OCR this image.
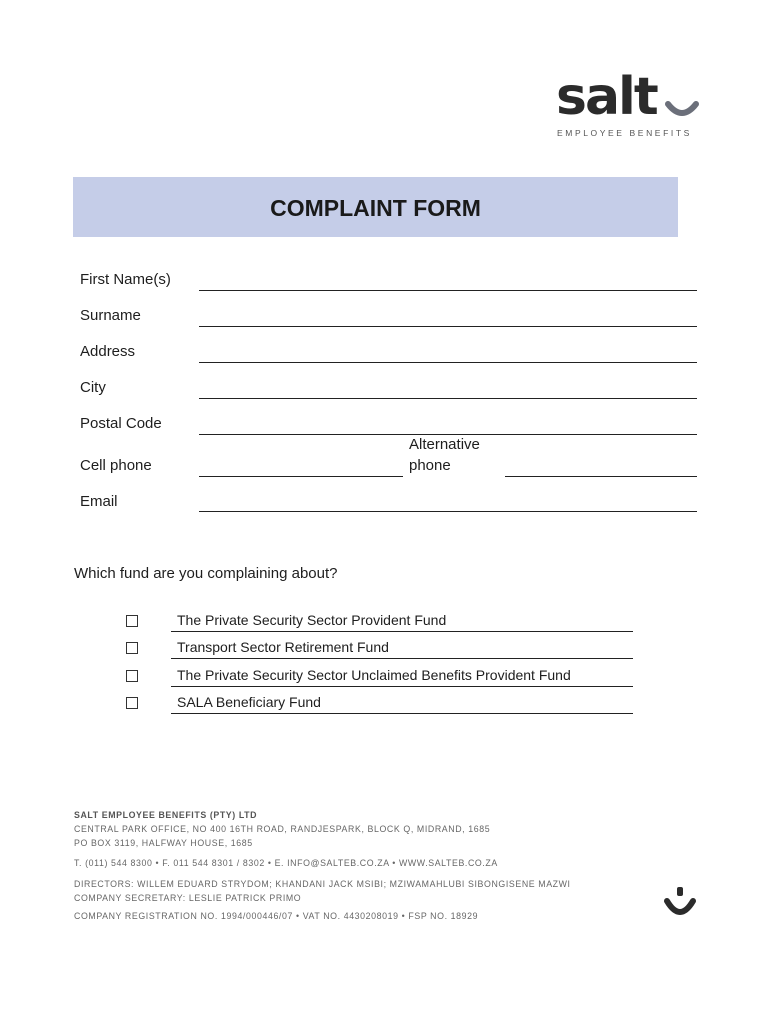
salt
EMPLOYEE BENEFITS
COMPLAINT FORM
First Name(s)
Surname
Address
City
Postal Code
Cell phone
Alternative
phone
Email
Which fund are you complaining about?
The Private Security Sector Provident Fund
Transport Sector Retirement Fund
The Private Security Sector Unclaimed Benefits Provident Fund
SALA Beneficiary Fund
SALT EMPLOYEE BENEFITS (PTY) LTD
CENTRAL PARK OFFICE, NO 400 16TH ROAD, RANDJESPARK, BLOCK Q, MIDRAND, 1685
PO BOX 3119, HALFWAY HOUSE, 1685
T. (011) 544 8300 • F. 011 544 8301 / 8302 • E. INFO@SALTEB.CO.ZA • WWW.SALTEB.CO.ZA
DIRECTORS: WILLEM EDUARD STRYDOM; KHANDANI JACK MSIBI; MZIWAMAHLUBI SIBONGISENE MAZWI
COMPANY SECRETARY: LESLIE PATRICK PRIMO
COMPANY REGISTRATION NO. 1994/000446/07 • VAT NO. 4430208019 • FSP NO. 18929
